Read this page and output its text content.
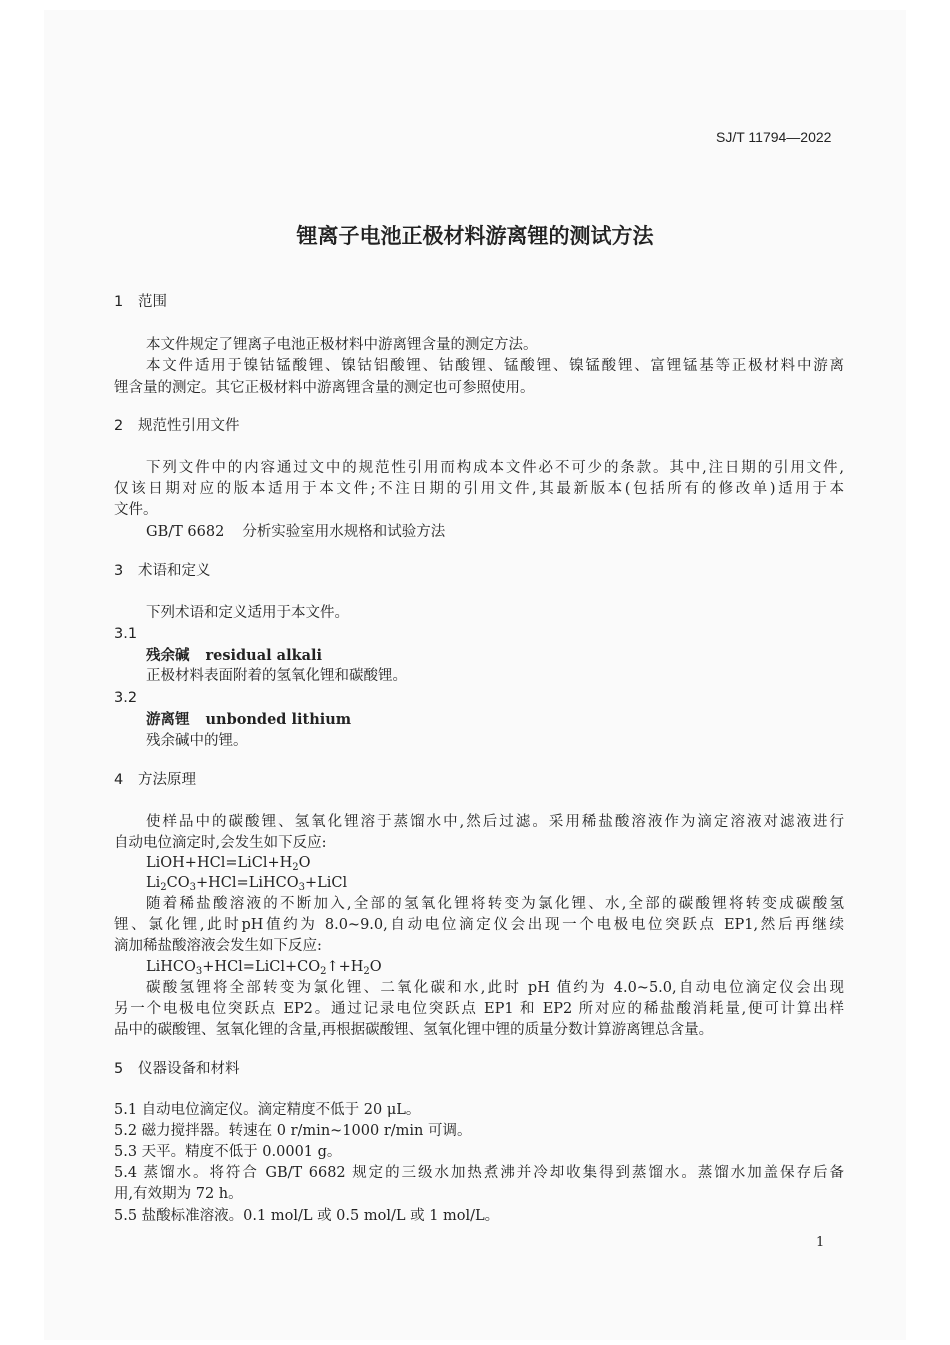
SJ/T 11794—2022
锂离子电池正极材料游离锂的测试方法
1 范围
本文件规定了锂离子电池正极材料中游离锂含量的测定方法。
本文件适用于镍钴锰酸锂、镍钴铝酸锂、钴酸锂、锰酸锂、镍锰酸锂、富锂锰基等正极材料中游离
锂含量的测定。其它正极材料中游离锂含量的测定也可参照使用。
2 规范性引用文件
下列文件中的内容通过文中的规范性引用而构成本文件必不可少的条款。其中,注日期的引用文件,
仅该日期对应的版本适用于本文件;不注日期的引用文件,其最新版本(包括所有的修改单)适用于本
文件。
GB/T 6682 分析实验室用水规格和试验方法
3 术语和定义
下列术语和定义适用于本文件。
3.1
残余碱 residual alkali
正极材料表面附着的氢氧化锂和碳酸锂。
3.2
游离锂 unbonded lithium
残余碱中的锂。
4 方法原理
使样品中的碳酸锂、氢氧化锂溶于蒸馏水中,然后过滤。采用稀盐酸溶液作为滴定溶液对滤液进行
自动电位滴定时,会发生如下反应:
$LiOH+HCl=LiCl+H_2O$
$Li_2CO_3+HCl=LiHCO_3+LiCl$
随着稀盐酸溶液的不断加入,全部的氢氧化锂将转变为氯化锂、水,全部的碳酸锂将转变成碳酸氢
锂、氯化锂,此时pH值约为 8.0~9.0,自动电位滴定仪会出现一个电极电位突跃点 EP1,然后再继续
滴加稀盐酸溶液会发生如下反应:
$LiHCO_3+HCl=LiCl+CO_2↑+H_2O$
碳酸氢锂将全部转变为氯化锂、二氧化碳和水,此时 pH 值约为 4.0~5.0,自动电位滴定仪会出现
另一个电极电位突跃点 EP2。通过记录电位突跃点 EP1 和 EP2 所对应的稀盐酸消耗量,便可计算出样
品中的碳酸锂、氢氧化锂的含量,再根据碳酸锂、氢氧化锂中锂的质量分数计算游离锂总含量。
5 仪器设备和材料
5.1 自动电位滴定仪。滴定精度不低于 20 μL。
5.2 磁力搅拌器。转速在 0 r/min~1000 r/min 可调。
5.3 天平。精度不低于 0.0001 g。
5.4 蒸馏水。将符合 GB/T 6682 规定的三级水加热煮沸并冷却收集得到蒸馏水。蒸馏水加盖保存后备
用,有效期为 72 h。
5.5 盐酸标准溶液。0.1 mol/L 或 0.5 mol/L 或 1 mol/L。
1
